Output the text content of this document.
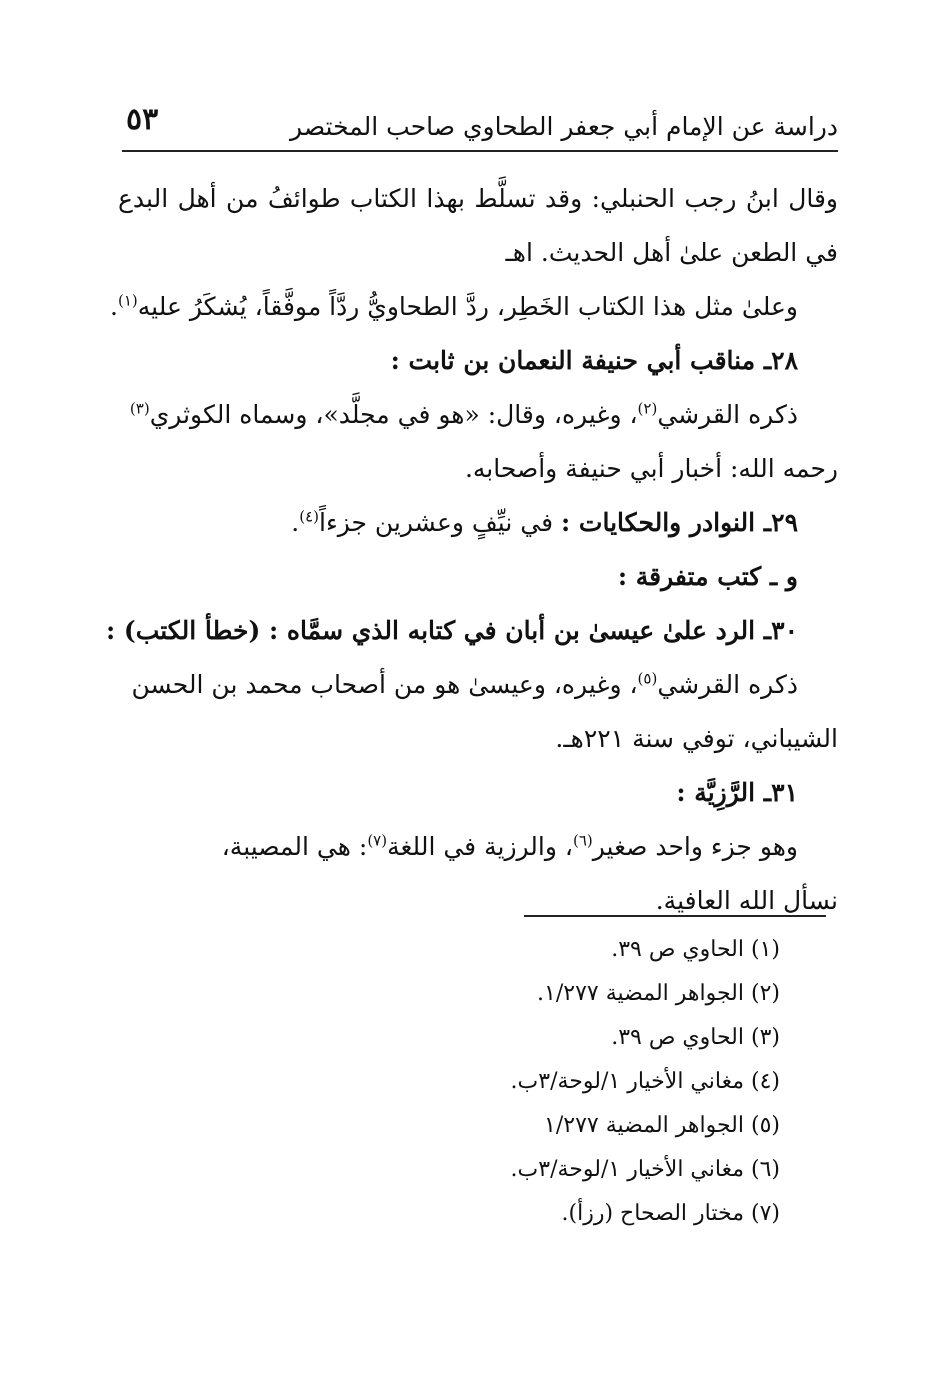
دراسة عن الإمام أبي جعفر الطحاوي صاحب المختصر
٥٣
وقال ابنُ رجب الحنبلي: وقد تسلَّط بهذا الكتاب طوائفُ من أهل البدع
في الطعن علىٰ أهل الحديث. اهـ
وعلىٰ مثل هذا الكتاب الخَطِر، ردَّ الطحاويُّ ردَّاً موفَّقاً، يُشكَرُ عليه$^{(١)}$.
٢٨ـ مناقب أبي حنيفة النعمان بن ثابت :
ذكره القرشي$^{(٢)}$، وغيره، وقال: «هو في مجلَّد»، وسماه الكوثري$^{(٣)}$
رحمه الله: أخبار أبي حنيفة وأصحابه.
٢٩ـ النوادر والحكايات : في نيِّفٍ وعشرين جزءاً$^{(٤)}$.
و ـ كتب متفرقة :
٣٠ـ الرد علىٰ عيسىٰ بن أبان في كتابه الذي سمَّاه : (خطأ الكتب) :
ذكره القرشي$^{(٥)}$، وغيره، وعيسىٰ هو من أصحاب محمد بن الحسن
الشيباني، توفي سنة ٢٢١هـ.
٣١ـ الرَّزِيَّة :
وهو جزء واحد صغير$^{(٦)}$، والرزية في اللغة$^{(٧)}$: هي المصيبة،
نسأل الله العافية.
(١) الحاوي ص ٣٩.
(٢) الجواهر المضية ١/٢٧٧.
(٣) الحاوي ص ٣٩.
(٤) مغاني الأخيار ١/لوحة/٣ب.
(٥) الجواهر المضية ١/٢٧٧
(٦) مغاني الأخيار ١/لوحة/٣ب.
(٧) مختار الصحاح (رزأ).
